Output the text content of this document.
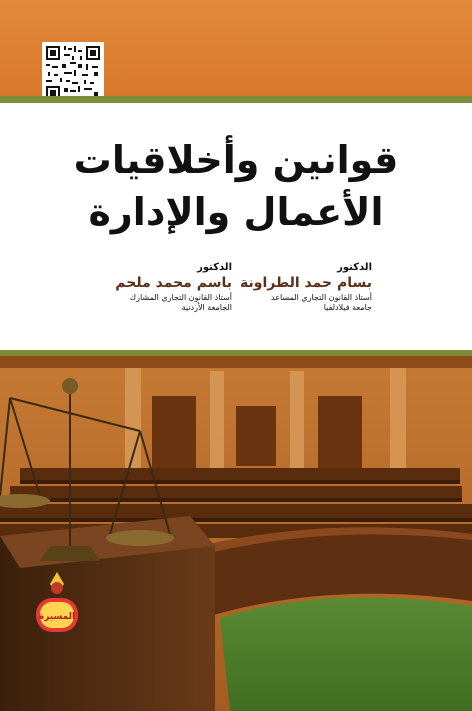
قوانين وأخلاقيات
الأعمال والإدارة
الدكتور
بسام حمد الطراونة
أستاذ القانون التجاري المساعد
جامعة فيلادلفيا
الدكتور
باسم محمد ملحم
أستاذ القانون التجاري المشارك
الجامعة الأردنية
المسيرة
